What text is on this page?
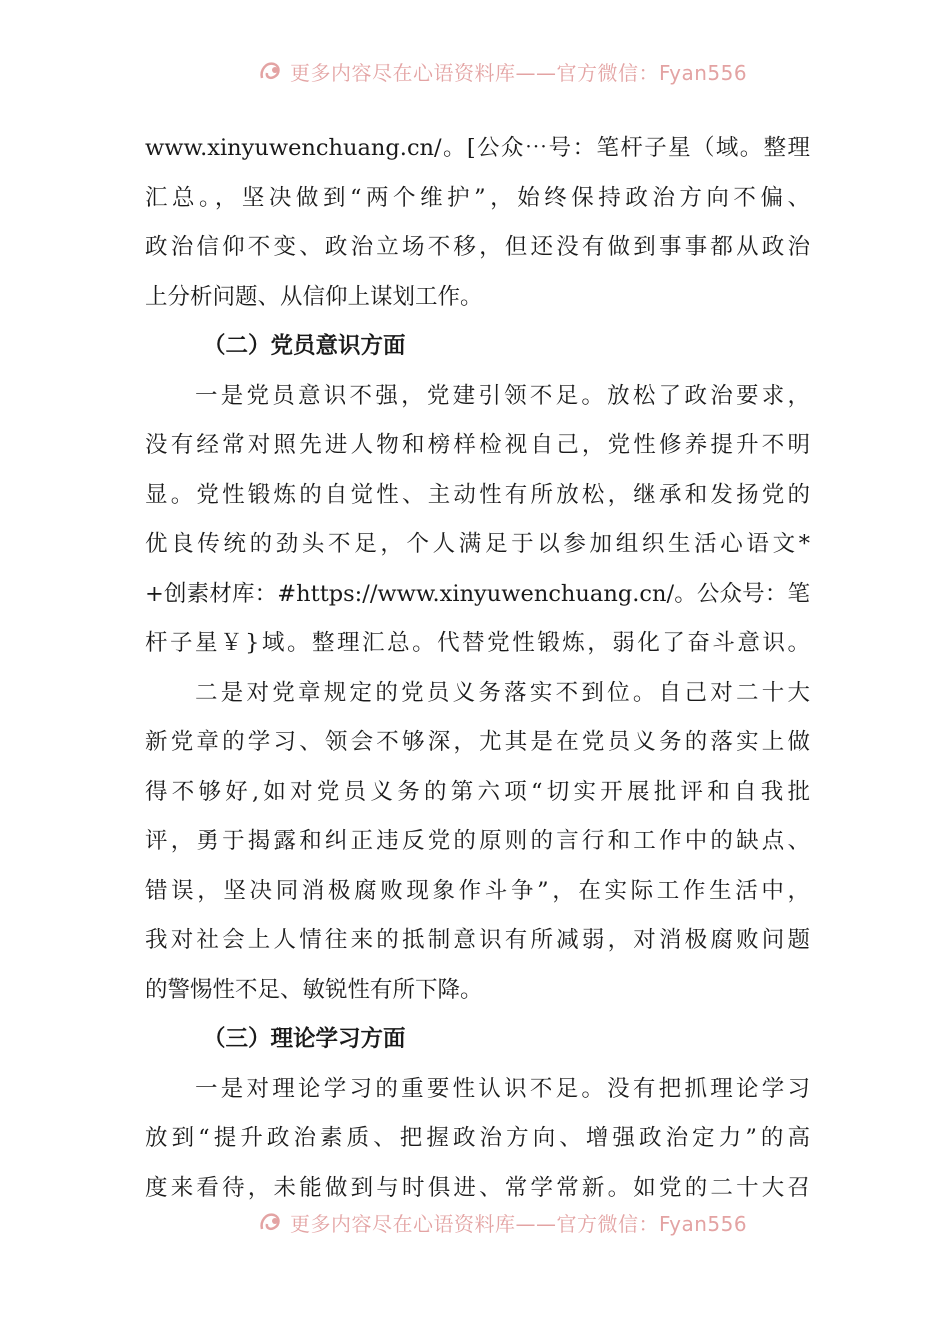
更多内容尽在心语资料库——官方微信：Fyan556
www.xinyuwenchuang.cn/。[公众⋯号：笔杆子星（域。整理
汇总。，坚决做到“两个维护”，始终保持政治方向不偏、
政治信仰不变、政治立场不移，但还没有做到事事都从政治
上分析问题、从信仰上谋划工作。
（二）党员意识方面
一是党员意识不强，党建引领不足。放松了政治要求，
没有经常对照先进人物和榜样检视自己，党性修养提升不明
显。党性锻炼的自觉性、主动性有所放松，继承和发扬党的
优良传统的劲头不足，个人满足于以参加组织生活心语文*
+创素材库：#https://www.xinyuwenchuang.cn/。公众号：笔
杆子星￥}域。整理汇总。代替党性锻炼，弱化了奋斗意识。
二是对党章规定的党员义务落实不到位。自己对二十大
新党章的学习、领会不够深，尤其是在党员义务的落实上做
得不够好,如对党员义务的第六项“切实开展批评和自我批
评，勇于揭露和纠正违反党的原则的言行和工作中的缺点、
错误，坚决同消极腐败现象作斗争”，在实际工作生活中，
我对社会上人情往来的抵制意识有所减弱，对消极腐败问题
的警惕性不足、敏锐性有所下降。
（三）理论学习方面
一是对理论学习的重要性认识不足。没有把抓理论学习
放到“提升政治素质、把握政治方向、增强政治定力”的高
度来看待，未能做到与时俱进、常学常新。如党的二十大召
更多内容尽在心语资料库——官方微信：Fyan556
